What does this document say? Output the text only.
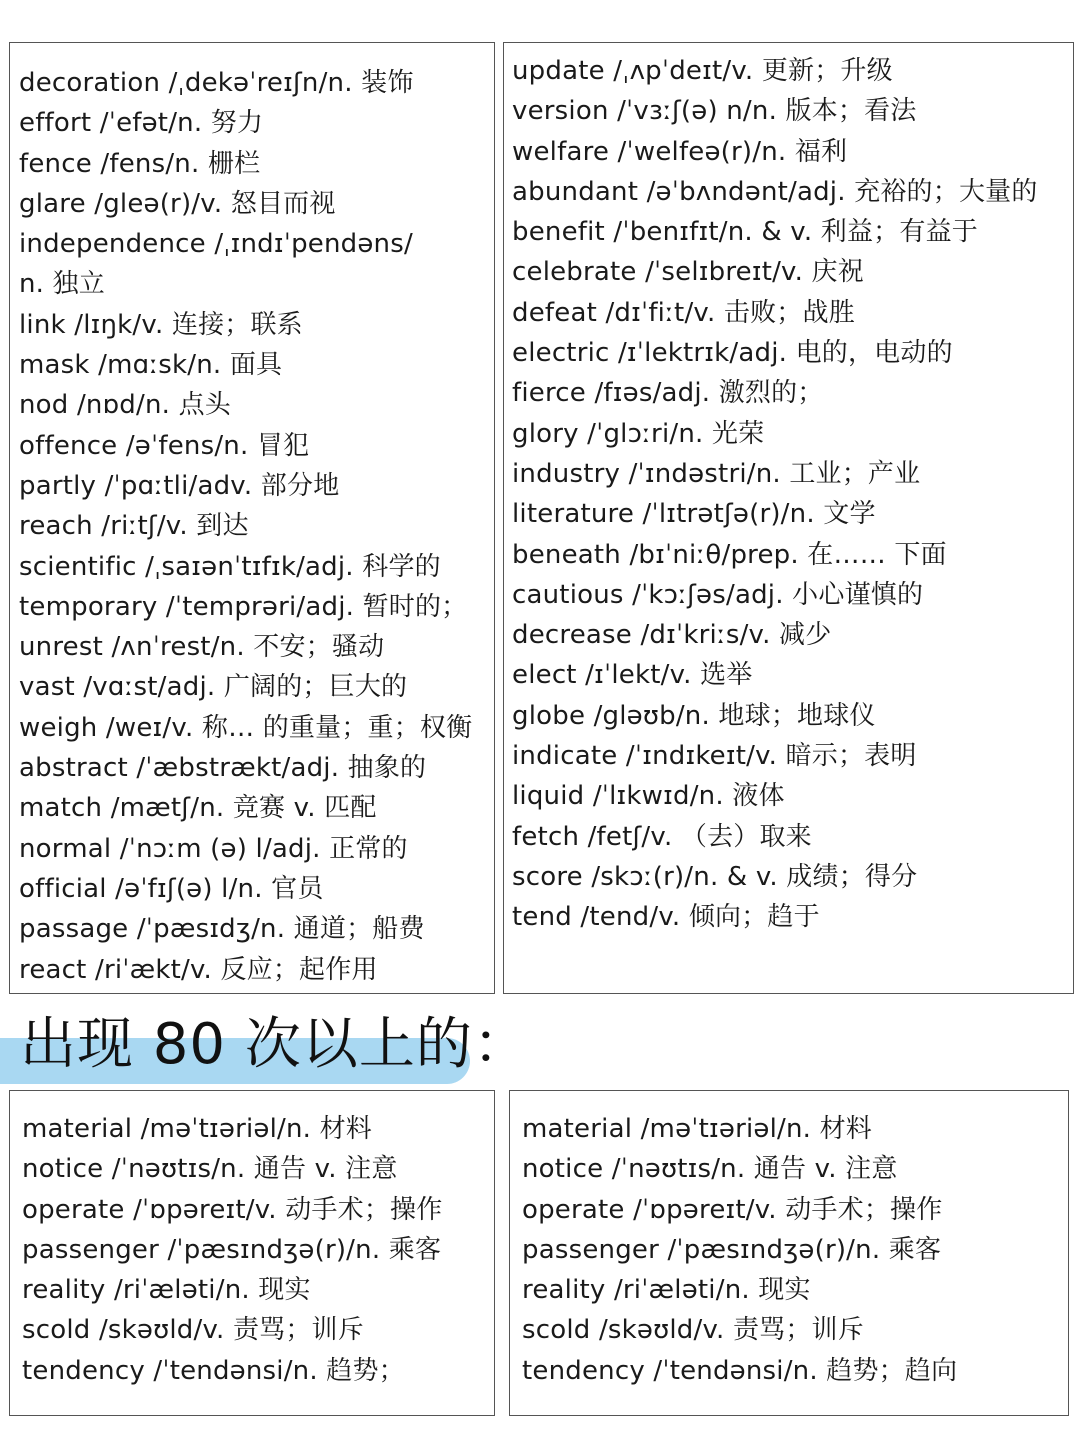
decoration /ˌdekəˈreɪʃn/n. 装饰
effort /ˈefət/n. 努力
fence /fens/n. 栅栏
glare /gleə(r)/v. 怒目而视
independence /ˌɪndɪˈpendəns/
n. 独立
link /lɪŋk/v. 连接；联系
mask /mɑːsk/n. 面具
nod /nɒd/n. 点头
offence /əˈfens/n. 冒犯
partly /ˈpɑːtli/adv. 部分地
reach /riːtʃ/v. 到达
scientific /ˌsaɪənˈtɪfɪk/adj. 科学的
temporary /ˈtemprəri/adj. 暂时的；
unrest /ʌnˈrest/n. 不安；骚动
vast /vɑːst/adj. 广阔的；巨大的
weigh /weɪ/v. 称… 的重量；重；权衡
abstract /ˈæbstrækt/adj. 抽象的
match /mætʃ/n. 竞赛 v. 匹配
normal /ˈnɔːm (ə) l/adj. 正常的
official /əˈfɪʃ(ə) l/n. 官员
passage /ˈpæsɪdʒ/n. 通道；船费
react /riˈækt/v. 反应；起作用
update /ˌʌpˈdeɪt/v. 更新；升级
version /ˈvɜːʃ(ə) n/n. 版本；看法
welfare /ˈwelfeə(r)/n. 福利
abundant /əˈbʌndənt/adj. 充裕的；大量的
benefit /ˈbenɪfɪt/n. & v. 利益；有益于
celebrate /ˈselɪbreɪt/v. 庆祝
defeat /dɪˈfiːt/v. 击败；战胜
electric /ɪˈlektrɪk/adj. 电的，电动的
fierce /fɪəs/adj. 激烈的；
glory /ˈglɔːri/n. 光荣
industry /ˈɪndəstri/n. 工业；产业
literature /ˈlɪtrətʃə(r)/n. 文学
beneath /bɪˈniːθ/prep. 在…… 下面
cautious /ˈkɔːʃəs/adj. 小心谨慎的
decrease /dɪˈkriːs/v. 减少
elect /ɪˈlekt/v. 选举
globe /gləʊb/n. 地球；地球仪
indicate /ˈɪndɪkeɪt/v. 暗示；表明
liquid /ˈlɪkwɪd/n. 液体
fetch /fetʃ/v. （去）取来
score /skɔː(r)/n. & v. 成绩；得分
tend /tend/v. 倾向；趋于
出现 80 次以上的：
material /məˈtɪəriəl/n. 材料
notice /ˈnəʊtɪs/n. 通告 v. 注意
operate /ˈɒpəreɪt/v. 动手术；操作
passenger /ˈpæsɪndʒə(r)/n. 乘客
reality /riˈæləti/n. 现实
scold /skəʊld/v. 责骂；训斥
tendency /ˈtendənsi/n. 趋势；
material /məˈtɪəriəl/n. 材料
notice /ˈnəʊtɪs/n. 通告 v. 注意
operate /ˈɒpəreɪt/v. 动手术；操作
passenger /ˈpæsɪndʒə(r)/n. 乘客
reality /riˈæləti/n. 现实
scold /skəʊld/v. 责骂；训斥
tendency /ˈtendənsi/n. 趋势；趋向
